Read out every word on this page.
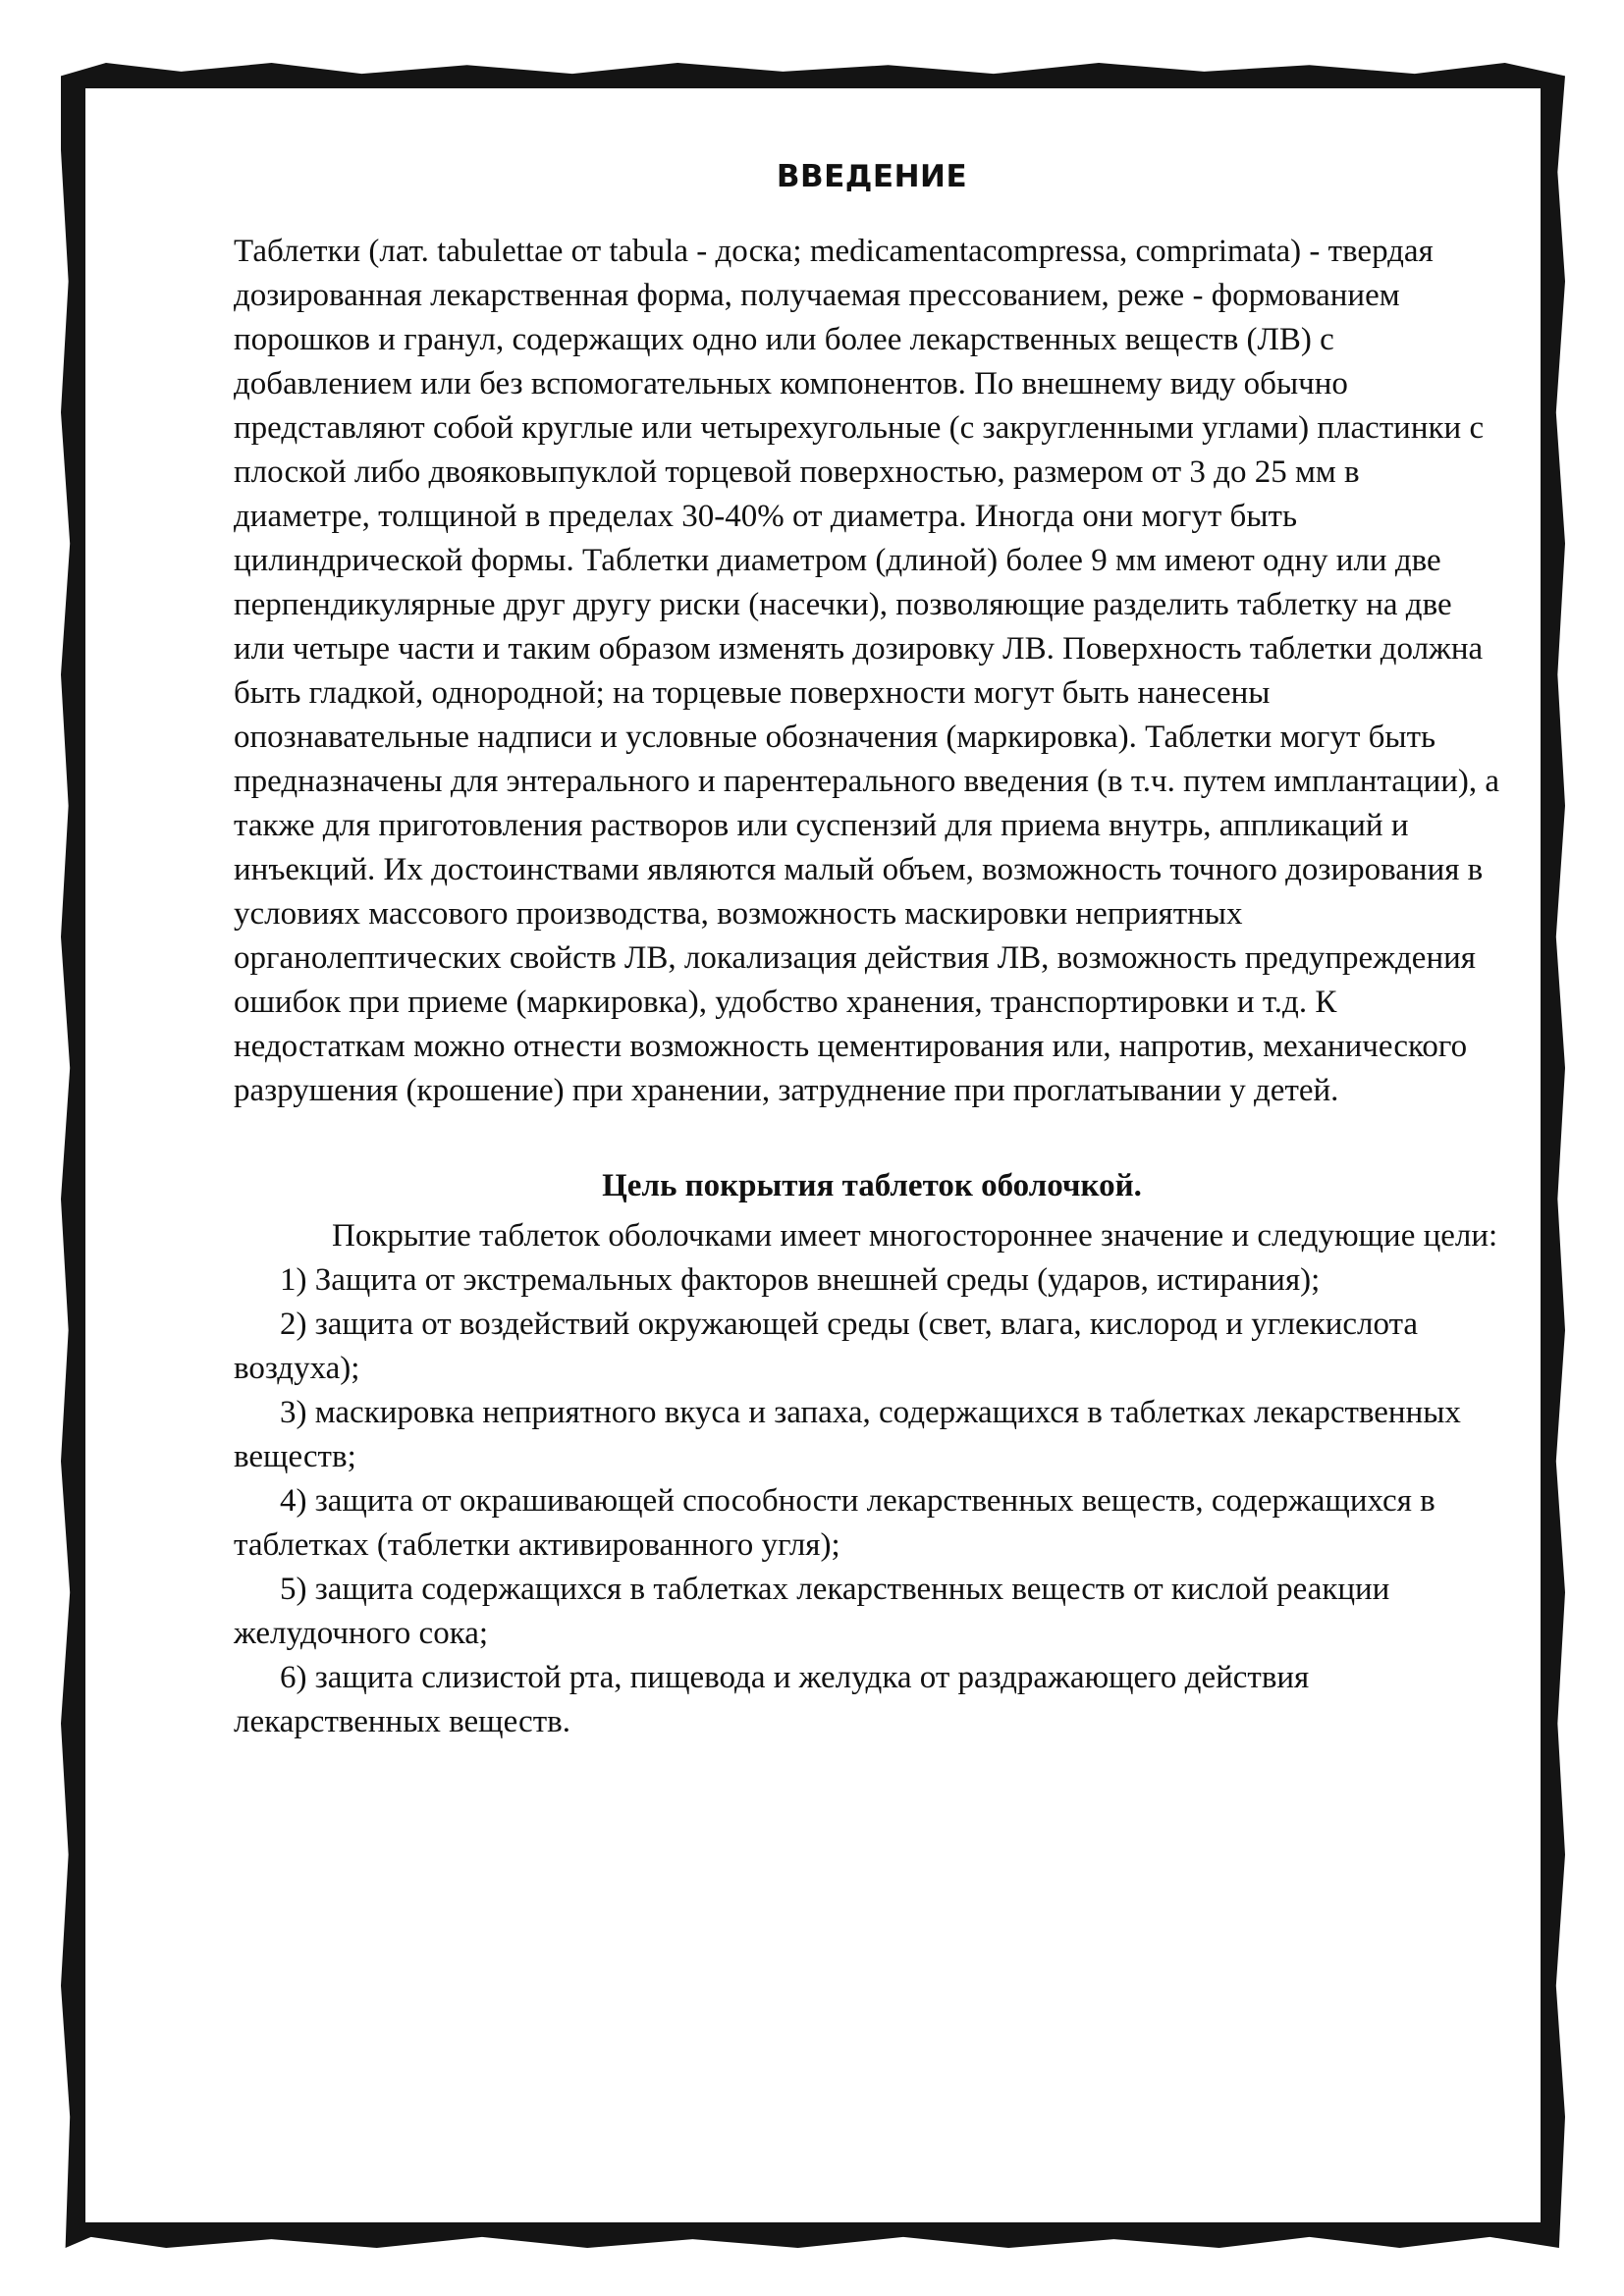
ВВЕДЕНИЕ

Таблетки (лат. tabulettae от tabula - доска; medicamentacompressa, comprimata) - твердая дозированная лекарственная форма, получаемая прессованием, реже - формованием порошков и гранул, содержащих одно или более лекарственных веществ (ЛВ) с добавлением или без вспомогательных компонентов. По внешнему виду обычно представляют собой круглые или четырехугольные (с закругленными углами) пластинки с плоской либо двояковыпуклой торцевой поверхностью, размером от 3 до 25 мм в диаметре, толщиной в пределах 30-40% от диаметра. Иногда они могут быть цилиндрической формы. Таблетки диаметром (длиной) более 9 мм имеют одну или две перпендикулярные друг другу риски (насечки), позволяющие разделить таблетку на две или четыре части и таким образом изменять дозировку ЛВ. Поверхность таблетки должна быть гладкой, однородной; на торцевые поверхности могут быть нанесены опознавательные надписи и условные обозначения (маркировка). Таблетки могут быть предназначены для энтерального и парентерального введения (в т.ч. путем имплантации), а также для приготовления растворов или суспензий для приема внутрь, аппликаций и инъекций. Их достоинствами являются малый объем, возможность точного дозирования в условиях массового производства, возможность маскировки неприятных органолептических свойств ЛВ, локализация действия ЛВ, возможность предупреждения ошибок при приеме (маркировка), удобство хранения, транспортировки и т.д. К недостаткам можно отнести возможность цементирования или, напротив, механического разрушения (крошение) при хранении, затруднение при проглатывании у детей.

Цель покрытия таблеток оболочкой.

Покрытие таблеток оболочками имеет многостороннее значение и следующие цели:

1) Защита от экстремальных факторов внешней среды (ударов, истирания);

2) защита от воздействий окружающей среды (свет, влага, кислород и углекислота воздуха);

3) маскировка неприятного вкуса и запаха, содержащихся в таблетках лекарственных веществ;

4) защита от окрашивающей способности лекарственных веществ, содержащихся в таблетках (таблетки активированного угля);

5) защита содержащихся в таблетках лекарственных веществ от кислой реакции желудочного сока;

6) защита слизистой рта, пищевода и желудка от раздражающего действия лекарственных веществ.
